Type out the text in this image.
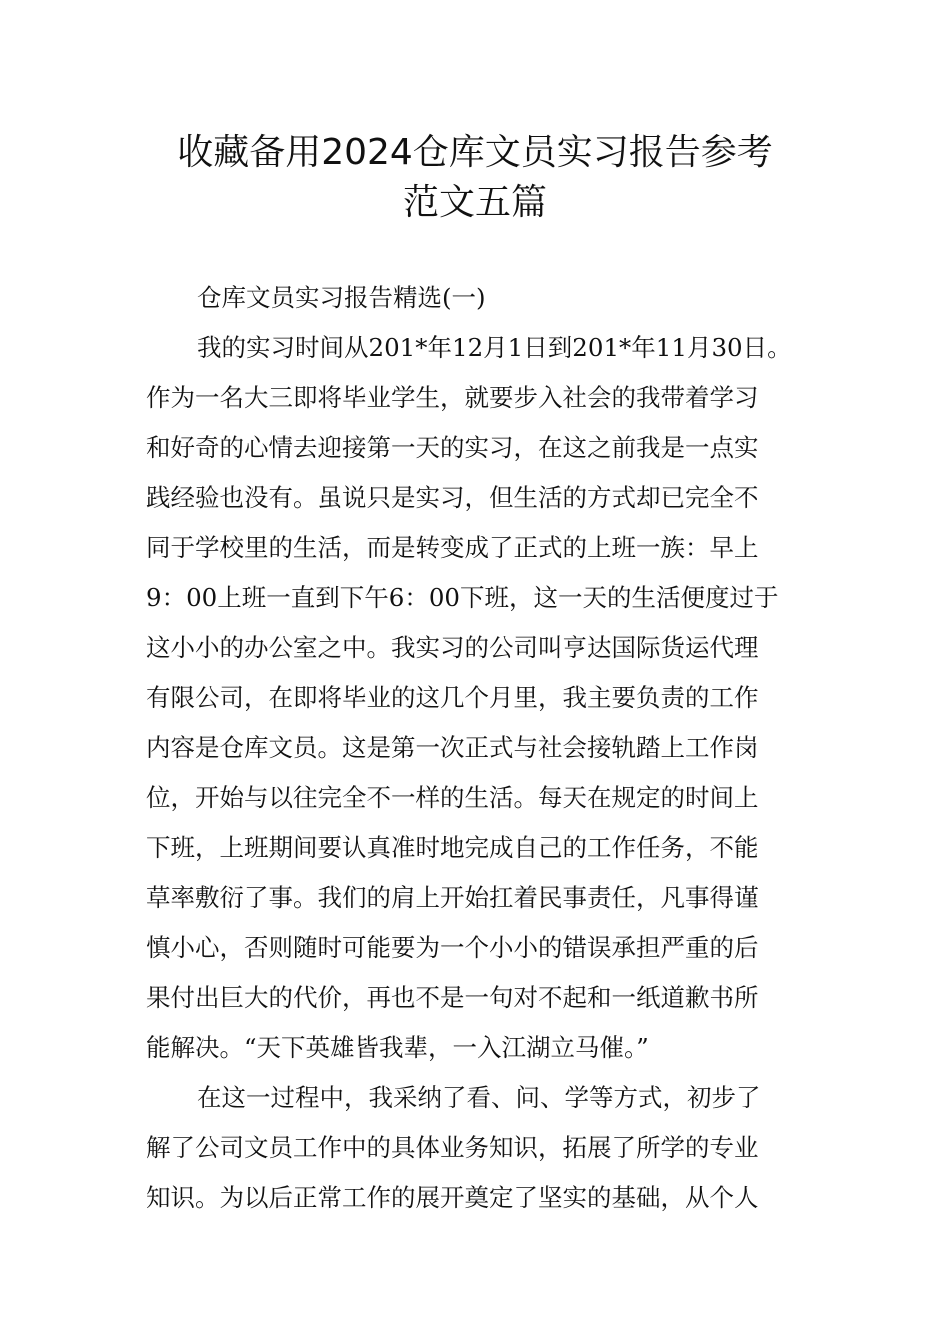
收藏备用2024仓库文员实习报告参考
范文五篇
仓库文员实习报告精选(一)
我的实习时间从201*年12月1日到201*年11月30日。
作为一名大三即将毕业学生，就要步入社会的我带着学习
和好奇的心情去迎接第一天的实习，在这之前我是一点实
践经验也没有。虽说只是实习，但生活的方式却已完全不
同于学校里的生活，而是转变成了正式的上班一族：早上
9：00上班一直到下午6：00下班，这一天的生活便度过于
这小小的办公室之中。我实习的公司叫亨达国际货运代理
有限公司，在即将毕业的这几个月里，我主要负责的工作
内容是仓库文员。这是第一次正式与社会接轨踏上工作岗
位，开始与以往完全不一样的生活。每天在规定的时间上
下班，上班期间要认真准时地完成自己的工作任务，不能
草率敷衍了事。我们的肩上开始扛着民事责任，凡事得谨
慎小心，否则随时可能要为一个小小的错误承担严重的后
果付出巨大的代价，再也不是一句对不起和一纸道歉书所
能解决。“天下英雄皆我辈，一入江湖立马催。”
在这一过程中，我采纳了看、问、学等方式，初步了
解了公司文员工作中的具体业务知识，拓展了所学的专业
知识。为以后正常工作的展开奠定了坚实的基础，从个人
